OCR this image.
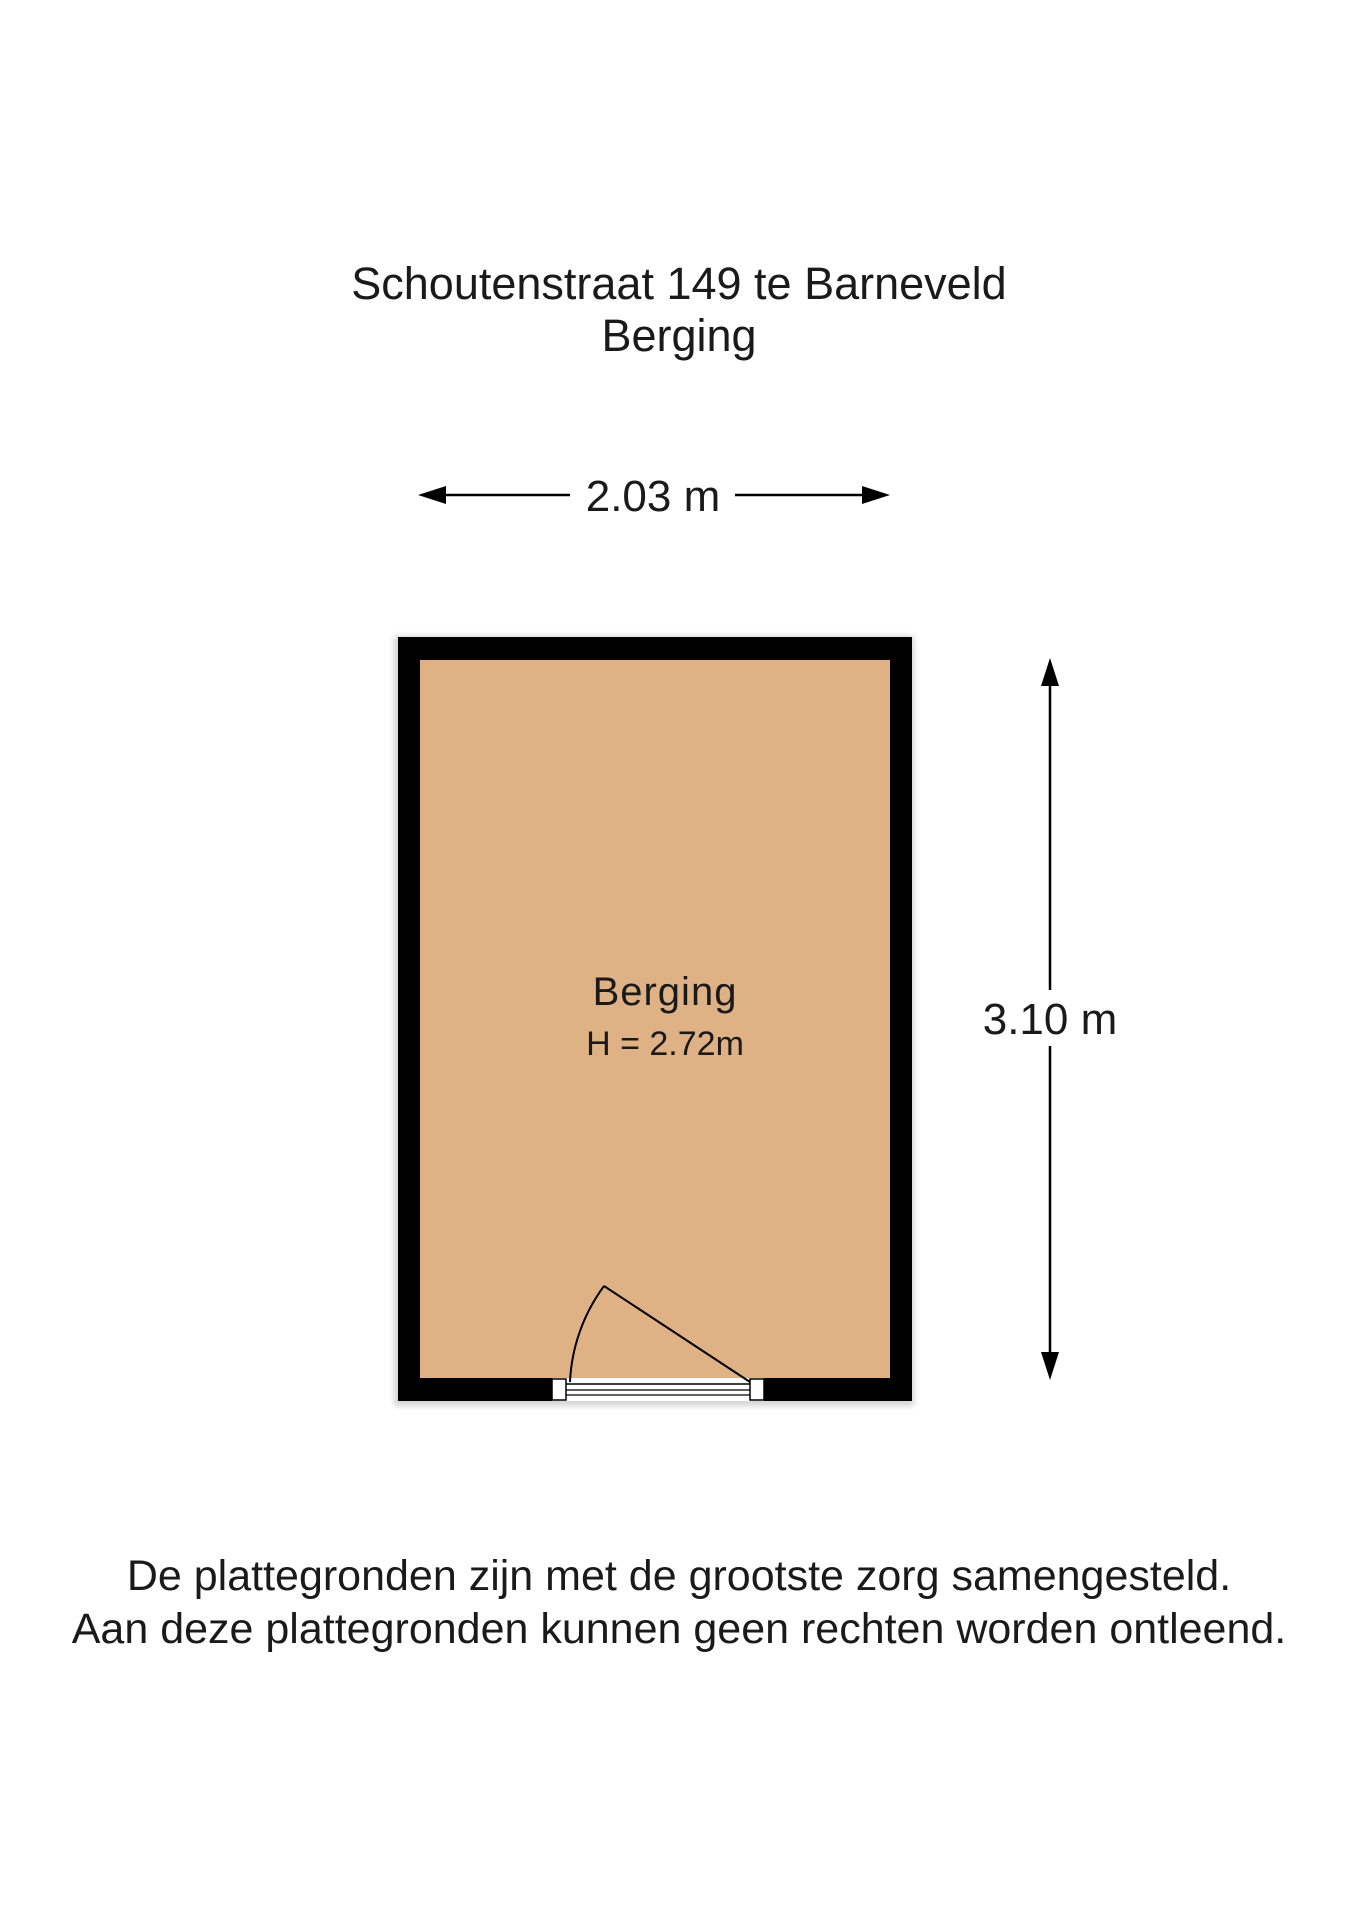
Schoutenstraat 149 te Barneveld
Berging
2.03 m
3.10 m
Berging
H = 2.72m
De plattegronden zijn met de grootste zorg samengesteld.
Aan deze plattegronden kunnen geen rechten worden ontleend.
